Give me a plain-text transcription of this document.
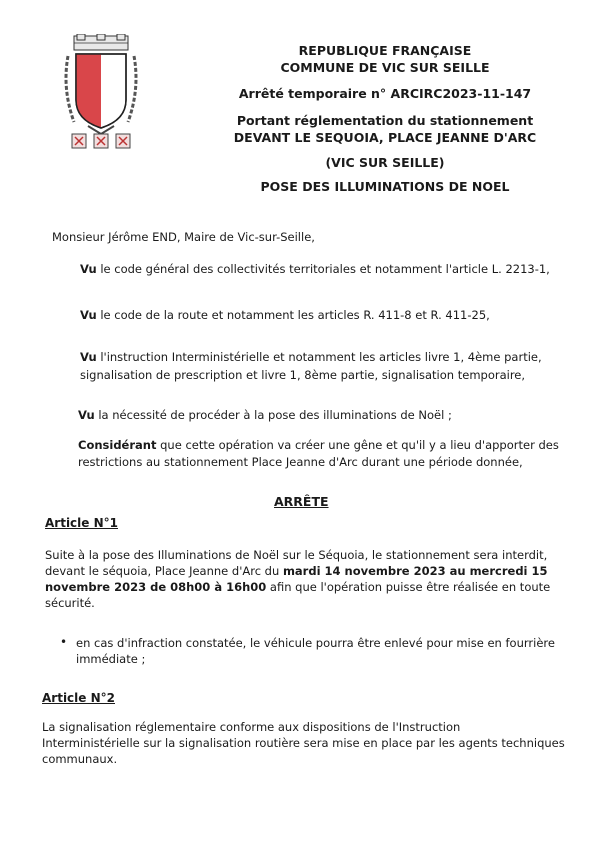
REPUBLIQUE FRANÇAISE
COMMUNE DE VIC SUR SEILLE
Arrêté temporaire n° ARCIRC2023-11-147
Portant réglementation du stationnement
DEVANT LE SEQUOIA, PLACE JEANNE D'ARC
(VIC SUR SEILLE)
POSE DES ILLUMINATIONS DE NOEL
Monsieur Jérôme END, Maire de Vic-sur-Seille,
Vu le code général des collectivités territoriales et notamment l'article L. 2213-1,
Vu le code de la route et notamment les articles R. 411-8 et R. 411-25,
Vu l'instruction Interministérielle et notamment les articles livre 1, 4ème partie,
signalisation de prescription et livre 1, 8ème partie, signalisation temporaire,
Vu la nécessité de procéder à la pose des illuminations de Noël ;
Considérant que cette opération va créer une gêne et qu'il y a lieu d'apporter des
restrictions au stationnement Place Jeanne d'Arc durant une période donnée,
ARRÊTE
Article N°1
Suite à la pose des Illuminations de Noël sur le Séquoia, le stationnement sera interdit,
devant le séquoia, Place Jeanne d'Arc du mardi 14 novembre 2023 au mercredi 15
novembre 2023 de 08h00 à 16h00 afin que l'opération puisse être réalisée en toute
sécurité.
• en cas d'infraction constatée, le véhicule pourra être enlevé pour mise en fourrière
immédiate ;
Article N°2
La signalisation réglementaire conforme aux dispositions de l'Instruction
Interministérielle sur la signalisation routière sera mise en place par les agents techniques
communaux.
